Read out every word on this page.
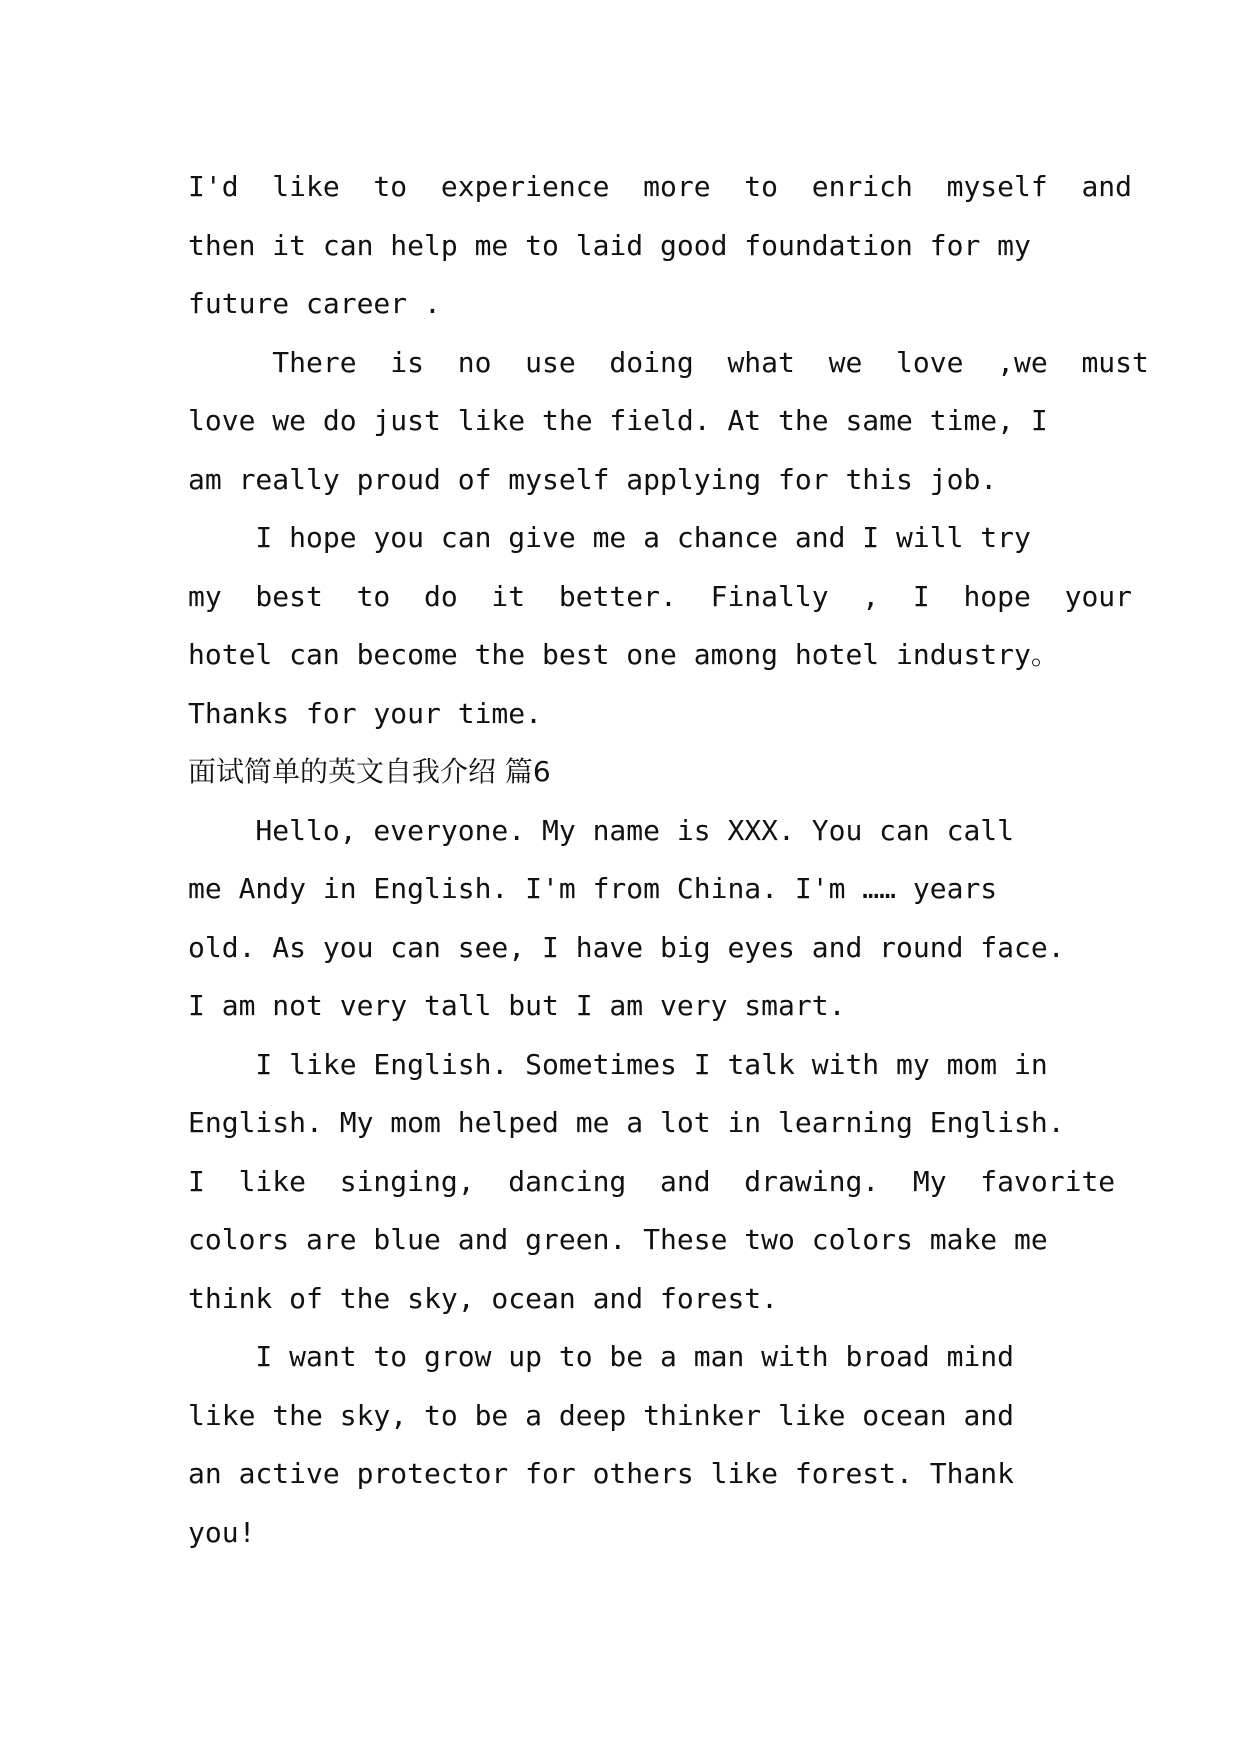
I'd  like  to  experience  more  to  enrich  myself  and
then it can help me to laid good foundation for my
future career .
There  is  no  use  doing  what  we  love  ,we  must
love we do just like the field. At the same time, I
am really proud of myself applying for this job.
I hope you can give me a chance and I will try
my  best  to  do  it  better.  Finally  ,  I  hope  your
hotel can become the best one among hotel industry。
Thanks for your time.
面试简单的英文自我介绍 篇6
Hello, everyone. My name is XXX. You can call
me Andy in English. I'm from China. I'm …… years
old. As you can see, I have big eyes and round face.
I am not very tall but I am very smart.
I like English. Sometimes I talk with my mom in
English. My mom helped me a lot in learning English.
I  like  singing,  dancing  and  drawing.  My  favorite
colors are blue and green. These two colors make me
think of the sky, ocean and forest.
I want to grow up to be a man with broad mind
like the sky, to be a deep thinker like ocean and
an active protector for others like forest. Thank
you!
